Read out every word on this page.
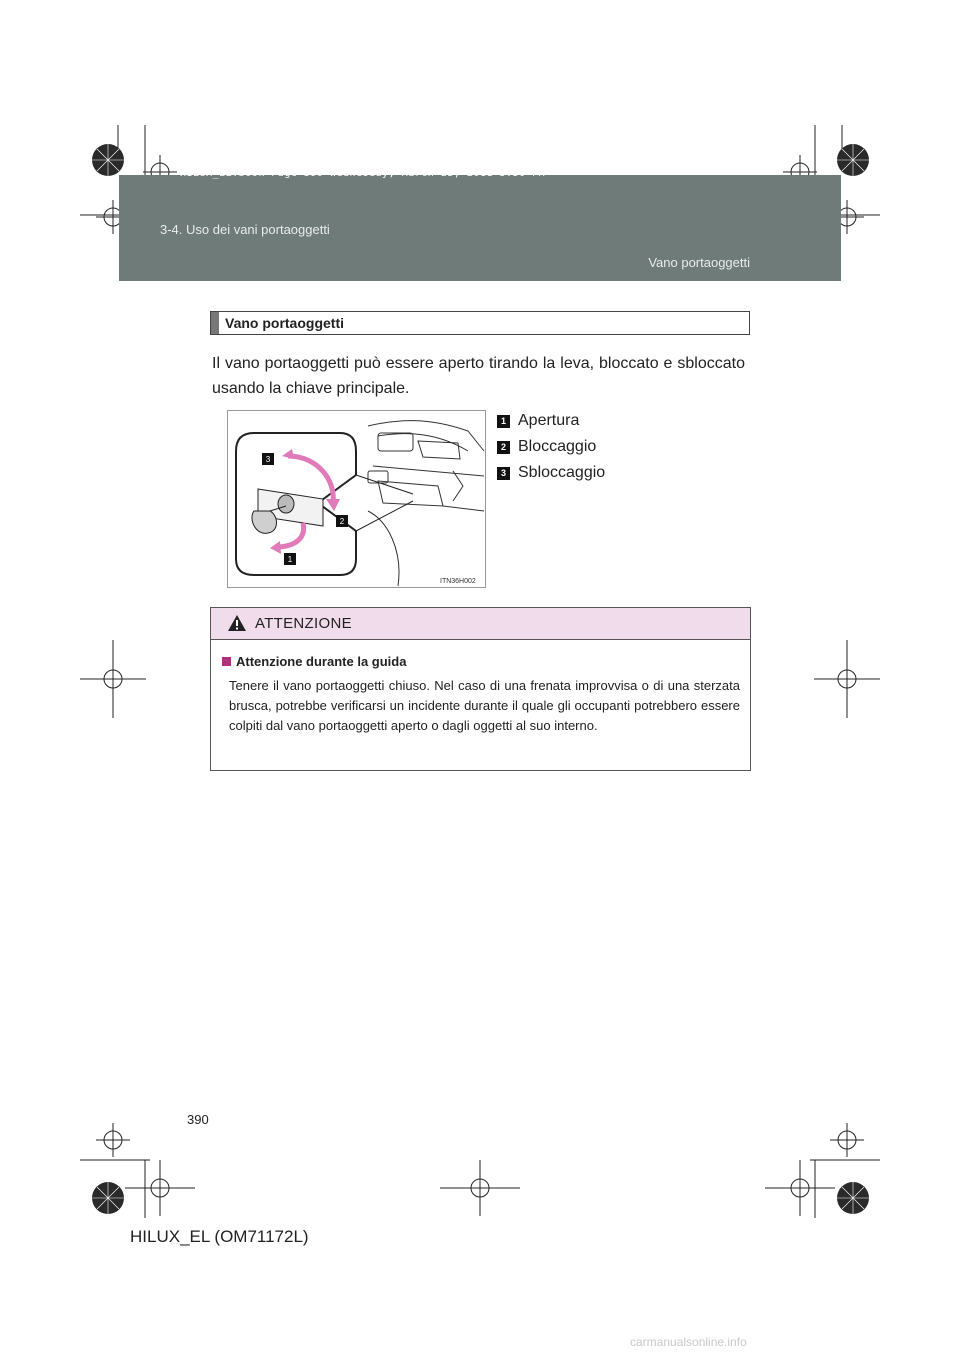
HILUX_EL.book Page 390 Wednesday, March 23, 2011 3:30 PM
3-4. Uso dei vani portaoggetti
Vano portaoggetti
Vano portaoggetti
Il vano portaoggetti può essere aperto tirando la leva, bloccato e sbloccato usando la chiave principale.
3
2
1
ITN36H002
1 Apertura
2 Bloccaggio
3 Sbloccaggio
ATTENZIONE
Attenzione durante la guida
Tenere il vano portaoggetti chiuso. Nel caso di una frenata improvvisa o di una sterzata brusca, potrebbe verificarsi un incidente durante il quale gli occupanti potrebbero essere colpiti dal vano portaoggetti aperto o dagli oggetti al suo interno.
390
HILUX_EL (OM71172L)
carmanualsonline.info
